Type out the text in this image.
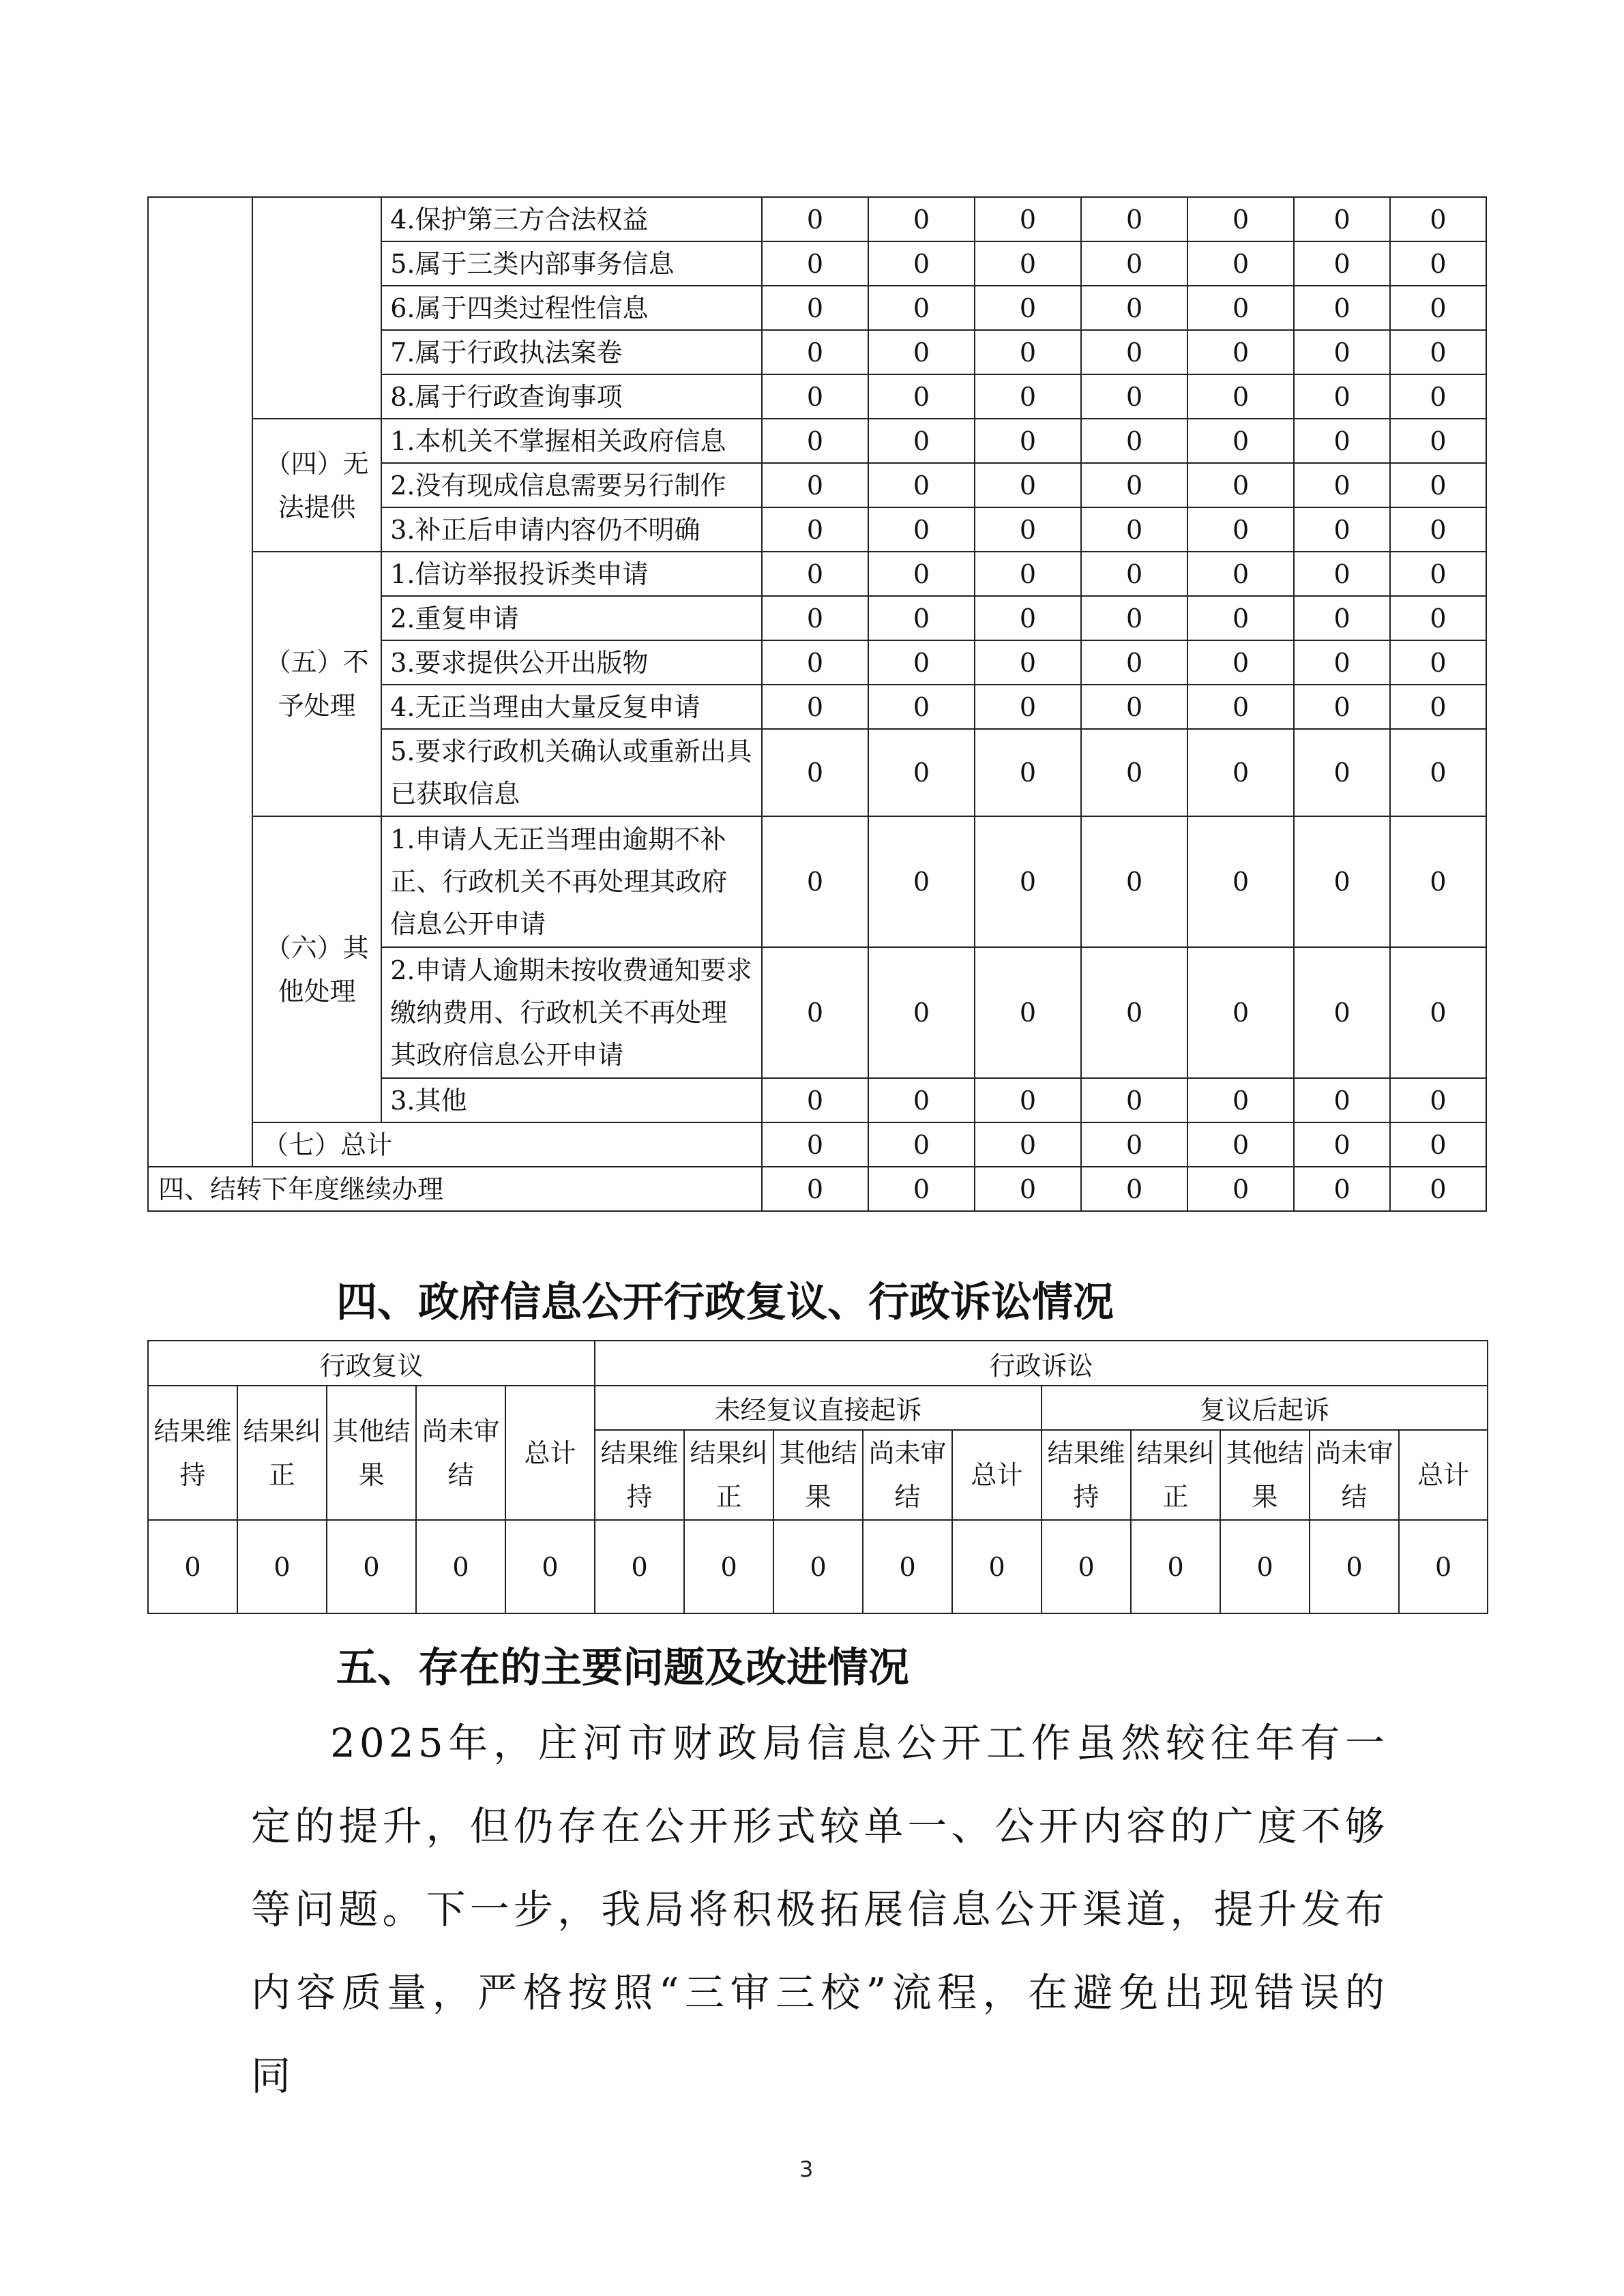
		4.保护第三方合法权益	0	0	0	0	0	0	0
		5.属于三类内部事务信息	0	0	0	0	0	0	0
		6.属于四类过程性信息	0	0	0	0	0	0	0
		7.属于行政执法案卷	0	0	0	0	0	0	0
		8.属于行政查询事项	0	0	0	0	0	0	0
	（四）无法提供	1.本机关不掌握相关政府信息	0	0	0	0	0	0	0
		2.没有现成信息需要另行制作	0	0	0	0	0	0	0
		3.补正后申请内容仍不明确	0	0	0	0	0	0	0
	（五）不予处理	1.信访举报投诉类申请	0	0	0	0	0	0	0
		2.重复申请	0	0	0	0	0	0	0
		3.要求提供公开出版物	0	0	0	0	0	0	0
		4.无正当理由大量反复申请	0	0	0	0	0	0	0
		5.要求行政机关确认或重新出具已获取信息	0	0	0	0	0	0	0
	（六）其他处理	1.申请人无正当理由逾期不补正、行政机关不再处理其政府信息公开申请	0	0	0	0	0	0	0
		2.申请人逾期未按收费通知要求缴纳费用、行政机关不再处理其政府信息公开申请	0	0	0	0	0	0	0
		3.其他	0	0	0	0	0	0	0
	（七）总计		0	0	0	0	0	0	0
四、结转下年度继续办理			0	0	0	0	0	0	0
四、政府信息公开行政复议、行政诉讼情况
行政复议					行政诉讼									
结果维持	结果纠正	其他结果	尚未审结	总计	未经复议直接起诉					复议后起诉				
					结果维持	结果纠正	其他结果	尚未审结	总计	结果维持	结果纠正	其他结果	尚未审结	总计
0	0	0	0	0	0	0	0	0	0	0	0	0	0	0
五、存在的主要问题及改进情况

2025年，庄河市财政局信息公开工作虽然较往年有一定的提升，但仍存在公开形式较单一、公开内容的广度不够等问题。下一步，我局将积极拓展信息公开渠道，提升发布内容质量，严格按照“三审三校”流程，在避免出现错误的同

3
